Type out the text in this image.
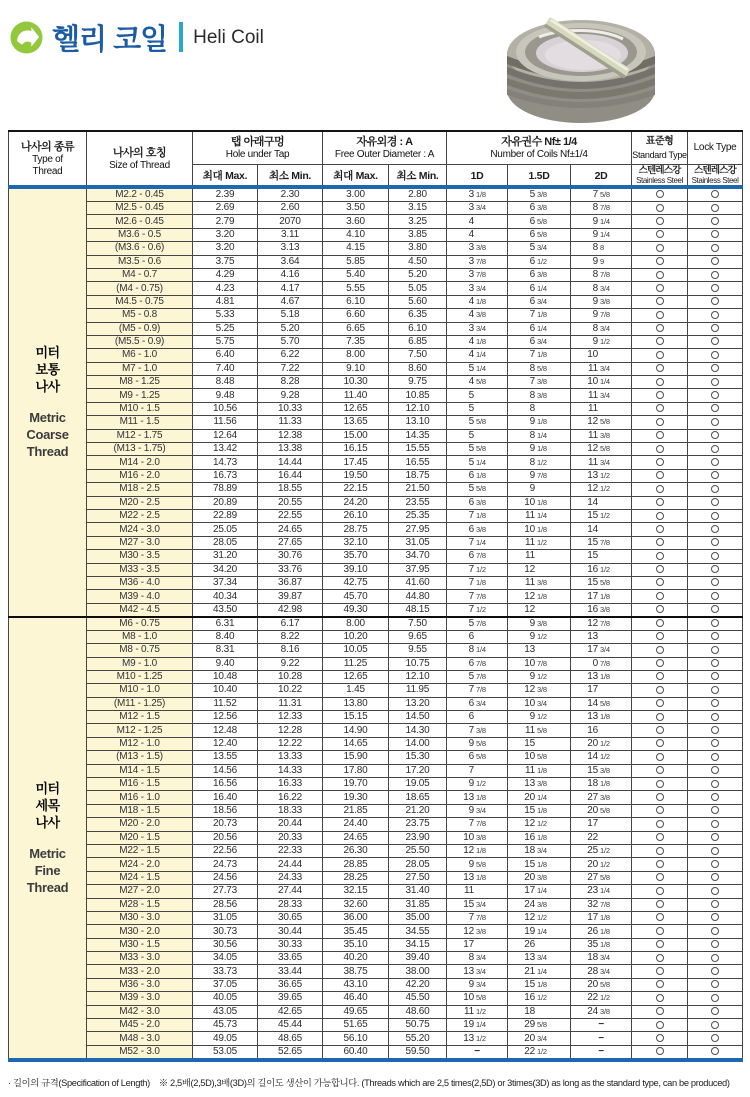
헬리 코일 Heli Coil
나사의 종류
Type of
Thread

나사의 호칭
Size of Thread

탭 아래구멍
Hole under Tap

자유외경 : A
Free Outer Diameter : A

자유권수 Nf± 1/4
Number of Coils Nf±1/4

표준형
Standard Type

Lock Type

최대 Max.	최소 Min.	최대 Max.	최소 Min.	1D	1.5D	2D	스텐레스강
Stainless Steel

스텐레스강
Stainless Steel

미터
보통
나사
Metric
Coarse
Thread
	M2.2 - 0.45	2.39	2.30	3.00	2.80	3 1/8	5 3/8	7 5/8

	M2.5 - 0.45	2.69	2.60	3.50	3.15	3 3/4	6 3/8	8 7/8		

	M2.6 - 0.45	2.79	2070	3.60	3.25	4	6 5/8	9 1/4		

	M3.6 - 0.5	3.20	3.11	4.10	3.85	4	6 5/8	9 1/4		

	(M3.6 - 0.6)	3.20	3.13	4.15	3.80	3 3/8	5 3/4	8 8		

	M3.5 - 0.6	3.75	3.64	5.85	4.50	3 7/8	6 1/2	9 9		

	M4 - 0.7	4.29	4.16	5.40	5.20	3 7/8	6 3/8	8 7/8		

	(M4 - 0.75)	4.23	4.17	5.55	5.05	3 3/4	6 1/4	8 3/4		

	M4.5 - 0.75	4.81	4.67	6.10	5.60	4 1/8	6 3/4	9 3/8		

	M5 - 0.8	5.33	5.18	6.60	6.35	4 3/8	7 1/8	9 7/8		

	(M5 - 0.9)	5.25	5.20	6.65	6.10	3 3/4	6 1/4	8 3/4		

	(M5.5 - 0.9)	5.75	5.70	7.35	6.85	4 1/8	6 3/4	9 1/2		

	M6 - 1.0	6.40	6.22	8.00	7.50	4 1/4	7 1/8	10		

	M7 - 1.0	7.40	7.22	9.10	8.60	5 1/4	8 5/8	11 3/4		

	M8 - 1.25	8.48	8.28	10.30	9.75	4 5/8	7 3/8	10 1/4		

	M9 - 1.25	9.48	9.28	11.40	10.85	5	8 3/8	11 3/4		

	M10 - 1.5	10.56	10.33	12.65	12.10	5	8	11		

	M11 - 1.5	11.56	11.33	13.65	13.10	5 5/8	9 1/8	12 5/8		

	M12 - 1.75	12.64	12.38	15.00	14.35	5	8 1/4	11 3/8		

	(M13 - 1.75)	13.42	13.38	16.15	15.55	5 5/8	9 1/8	12 5/8		

	M14 - 2.0	14.73	14.44	17.45	16.55	5 1/4	8 1/2	11 3/4		

	M16 - 2.0	16.73	16.44	19.50	18.75	6 1/8	9 7/8	13 1/2		

	M18 - 2.5	78.89	18.55	22.15	21.50	5 5/8	9	12 1/2		

	M20 - 2.5	20.89	20.55	24.20	23.55	6 3/8	10 1/8	14		

	M22 - 2.5	22.89	22.55	26.10	25.35	7 1/8	11 1/4	15 1/2		

	M24 - 3.0	25.05	24.65	28.75	27.95	6 3/8	10 1/8	14		

	M27 - 3.0	28.05	27.65	32.10	31.05	7 1/4	11 1/2	15 7/8		

	M30 - 3.5	31.20	30.76	35.70	34.70	6 7/8	11	15		

	M33 - 3.5	34.20	33.76	39.10	37.95	7 1/2	12	16 1/2		

	M36 - 4.0	37.34	36.87	42.75	41.60	7 1/8	11 3/8	15 5/8		

	M39 - 4.0	40.34	39.87	45.70	44.80	7 7/8	12 1/8	17 1/8		

	M42 - 4.5	43.50	42.98	49.30	48.15	7 1/2	12	16 3/8		

미터
세목
나사
Metric
Fine
Thread
	M6 - 0.75	6.31	6.17	8.00	7.50	5 7/8	9 3/8	12 7/8

	M8 - 1.0	8.40	8.22	10.20	9.65	6	9 1/2	13		

	M8 - 0.75	8.31	8.16	10.05	9.55	8 1/4	13	17 3/4		

	M9 - 1.0	9.40	9.22	11.25	10.75	6 7/8	10 7/8	0 7/8		

	M10 - 1.25	10.48	10.28	12.65	12.10	5 7/8	9 1/2	13 1/8		

	M10 - 1.0	10.40	10.22	1.45	11.95	7 7/8	12 3/8	17		

	(M11 - 1.25)	11.52	11.31	13.80	13.20	6 3/4	10 3/4	14 5/8		

	M12 - 1.5	12.56	12.33	15.15	14.50	6	9 1/2	13 1/8		

	M12 - 1.25	12.48	12.28	14.90	14.30	7 3/8	11 5/8	16		

	M12 - 1.0	12.40	12.22	14.65	14.00	9 5/8	15	20 1/2		

	(M13 - 1.5)	13.55	13.33	15.90	15.30	6 5/8	10 5/8	14 1/2		

	M14 - 1.5	14.56	14.33	17.80	17.20	7	11 1/8	15 3/8		

	M16 - 1.5	16.56	16.33	19.70	19.05	9 1/2	13 3/8	18 1/8		

	M16 - 1.0	16.40	16.22	19.30	18.65	13 1/8	20 1/4	27 3/8		

	M18 - 1.5	18.56	18.33	21.85	21.20	9 3/4	15 1/8	20 5/8		

	M20 - 2.0	20.73	20.44	24.40	23.75	7 7/8	12 1/2	17		

	M20 - 1.5	20.56	20.33	24.65	23.90	10 3/8	16 1/8	22		

	M22 - 1.5	22.56	22.33	26.30	25.50	12 1/8	18 3/4	25 1/2		

	M24 - 2.0	24.73	24.44	28.85	28.05	9 5/8	15 1/8	20 1/2		

	M24 - 1.5	24.56	24.33	28.25	27.50	13 1/8	20 3/8	27 5/8		

	M27 - 2.0	27.73	27.44	32.15	31.40	11	17 1/4	23 1/4		

	M28 - 1.5	28.56	28.33	32.60	31.85	15 3/4	24 3/8	32 7/8		

	M30 - 3.0	31.05	30.65	36.00	35.00	7 7/8	12 1/2	17 1/8		

	M30 - 2.0	30.73	30.44	35.45	34.55	12 3/8	19 1/4	26 1/8		

	M30 - 1.5	30.56	30.33	35.10	34.15	17	26	35 1/8		

	M33 - 3.0	34.05	33.65	40.20	39.40	8 3/4	13 3/4	18 3/4		

	M33 - 2.0	33.73	33.44	38.75	38.00	13 3/4	21 1/4	28 3/4		

	M36 - 3.0	37.05	36.65	43.10	42.20	9 3/4	15 1/8	20 5/8		

	M39 - 3.0	40.05	39.65	46.40	45.50	10 5/8	16 1/2	22 1/2		

	M42 - 3.0	43.05	42.65	49.65	48.60	11 1/2	18	24 3/8		

	M45 - 2.0	45.73	45.44	51.65	50.75	19 1/4	29 5/8	−		
	M48 - 3.0	49.05	48.65	56.10	55.20	13 1/2	20 3/4	−		
	M52 - 3.0	53.05	52.65	60.40	59.50	−	22 1/2	−		

· 길이의 규격(Specification of Length)　※ 2,5배(2,5D),3배(3D)의 길이도 생산이 가능합니다. (Threads which are 2,5 times(2,5D) or 3times(3D) as long as the standard type, can be produced)
